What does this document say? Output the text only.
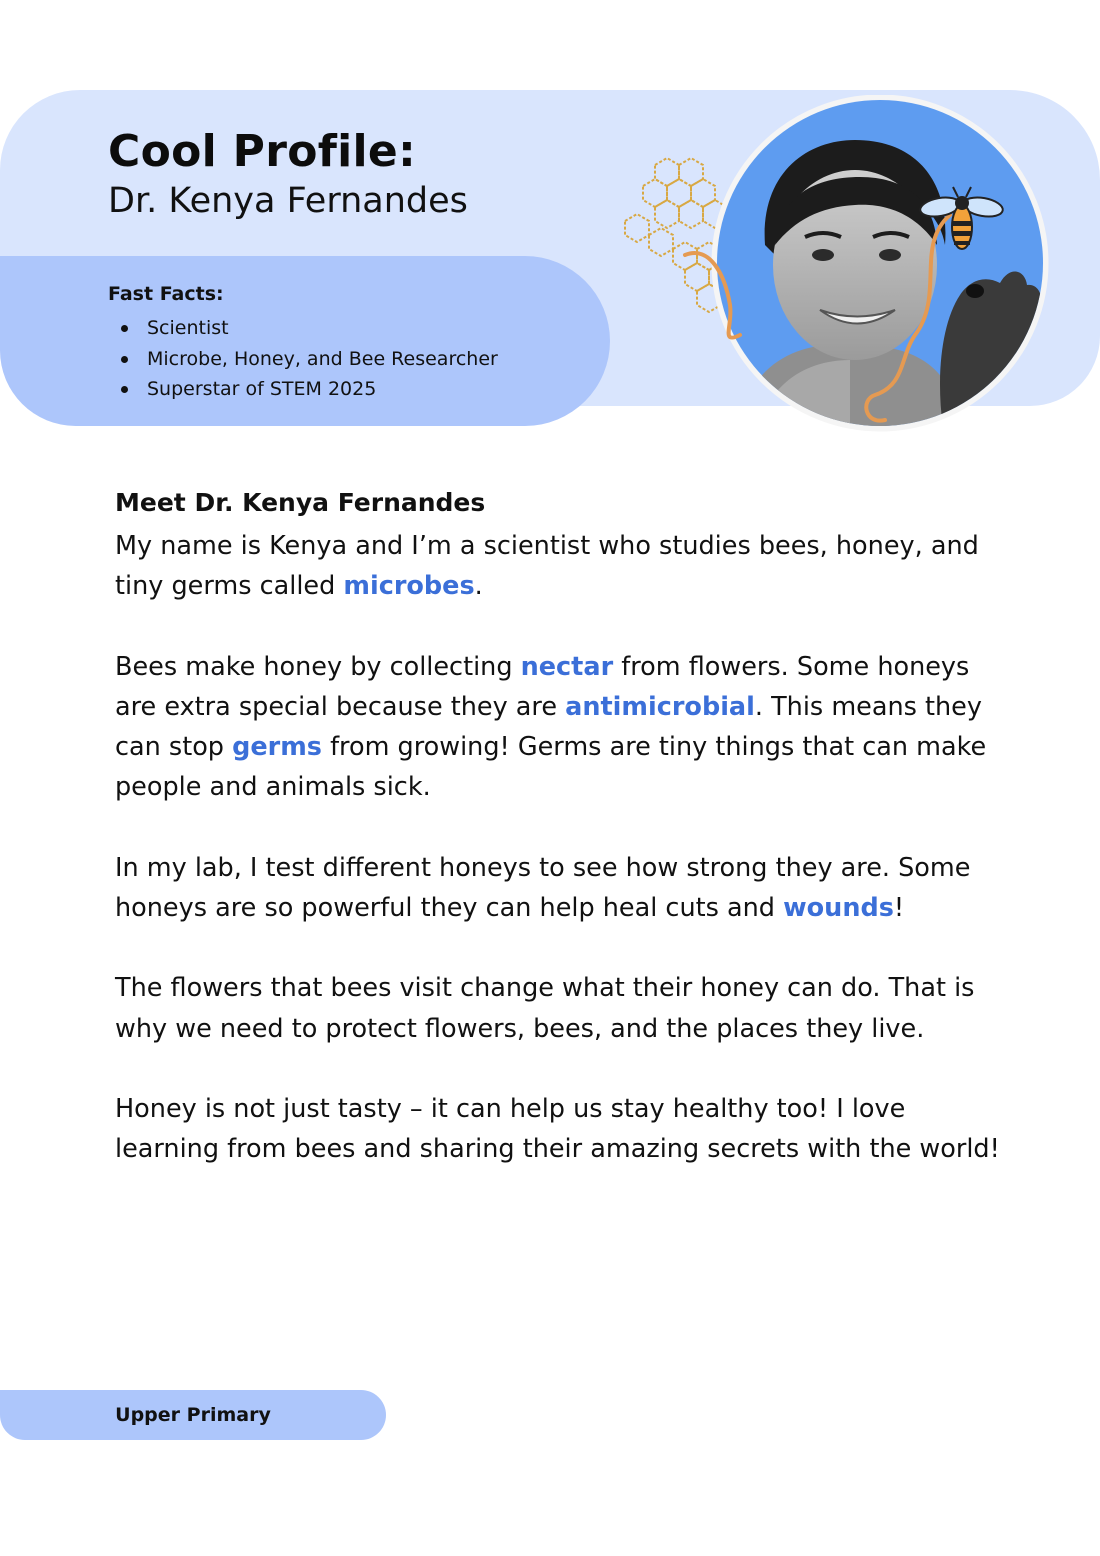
Cool Profile:
Dr. Kenya Fernandes

Fast Facts:

Scientist
Microbe, Honey, and Bee Researcher
Superstar of STEM 2025

Meet Dr. Kenya Fernandes

My name is Kenya and I’m a scientist who studies bees, honey, and tiny germs called microbes.

Bees make honey by collecting nectar from flowers. Some honeys are extra special because they are antimicrobial. This means they can stop germs from growing! Germs are tiny things that can make people and animals sick.

In my lab, I test different honeys to see how strong they are. Some honeys are so powerful they can help heal cuts and wounds!

The flowers that bees visit change what their honey can do. That is why we need to protect flowers, bees, and the places they live.

Honey is not just tasty – it can help us stay healthy too! I love learning from bees and sharing their amazing secrets with the world!

Upper Primary
